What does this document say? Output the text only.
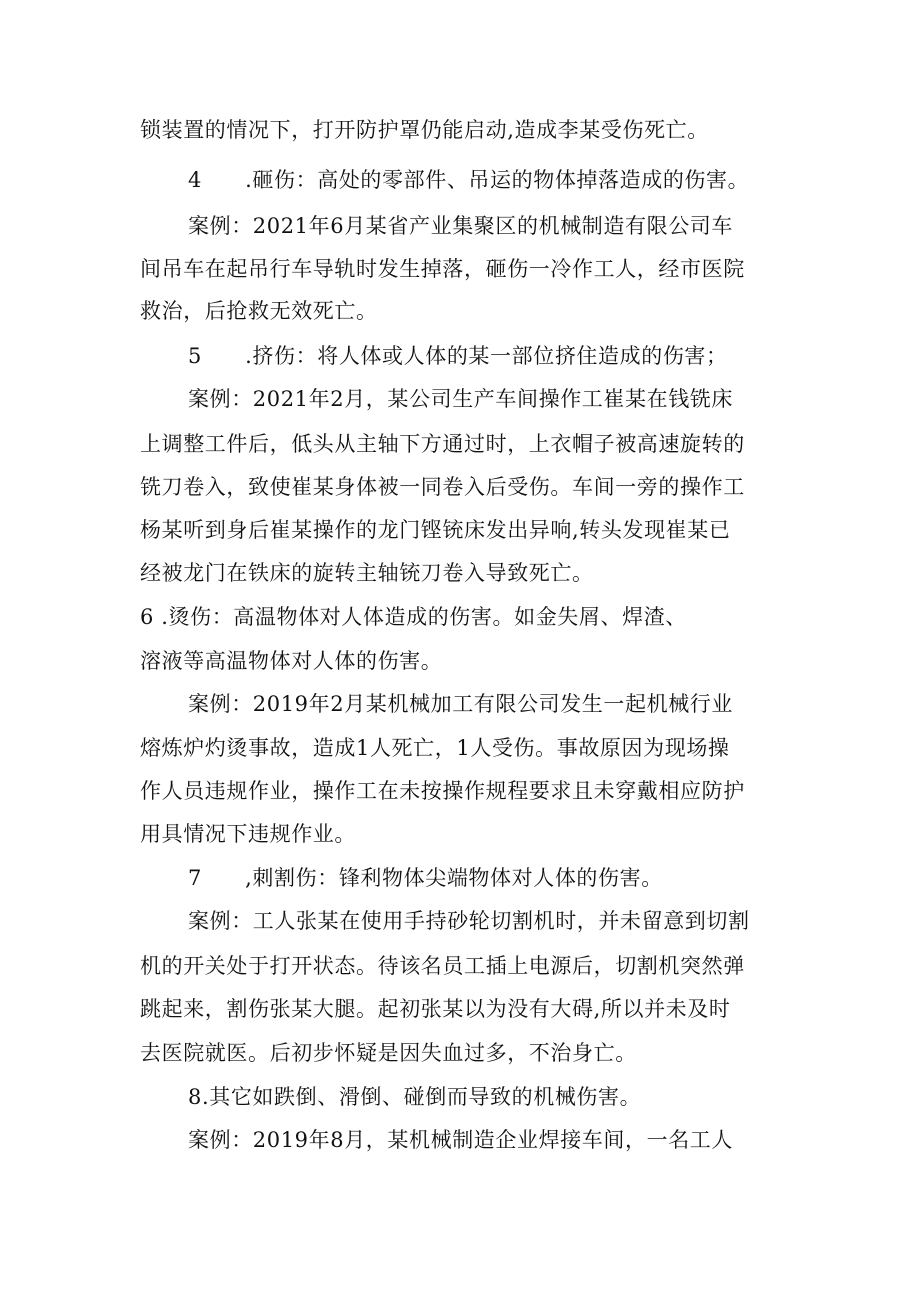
锁装置的情况下，打开防护罩仍能启动,造成李某受伤死亡。
4　　.砸伤：高处的零部件、吊运的物体掉落造成的伤害。
案例：2021年6月某省产业集聚区的机械制造有限公司车
间吊车在起吊行车导轨时发生掉落，砸伤一冷作工人，经市医院
救治，后抢救无效死亡。
5　　.挤伤：将人体或人体的某一部位挤住造成的伤害；
案例：2021年2月，某公司生产车间操作工崔某在钱铣床
上调整工件后，低头从主轴下方通过时，上衣帽子被高速旋转的
铣刀卷入，致使崔某身体被一同卷入后受伤。车间一旁的操作工
杨某听到身后崔某操作的龙门铿铳床发出异响,转头发现崔某已
经被龙门在铁床的旋转主轴铳刀卷入导致死亡。
6 .烫伤：高温物体对人体造成的伤害。如金失屑、焊渣、
溶液等高温物体对人体的伤害。
案例：2019年2月某机械加工有限公司发生一起机械行业
熔炼炉灼烫事故，造成1人死亡，1人受伤。事故原因为现场操
作人员违规作业，操作工在未按操作规程要求且未穿戴相应防护
用具情况下违规作业。
7　　,刺割伤：锋利物体尖端物体对人体的伤害。
案例：工人张某在使用手持砂轮切割机时，并未留意到切割
机的开关处于打开状态。待该名员工插上电源后，切割机突然弹
跳起来，割伤张某大腿。起初张某以为没有大碍,所以并未及时
去医院就医。后初步怀疑是因失血过多，不治身亡。
8.其它如跌倒、滑倒、碰倒而导致的机械伤害。
案例：2019年8月，某机械制造企业焊接车间，一名工人
